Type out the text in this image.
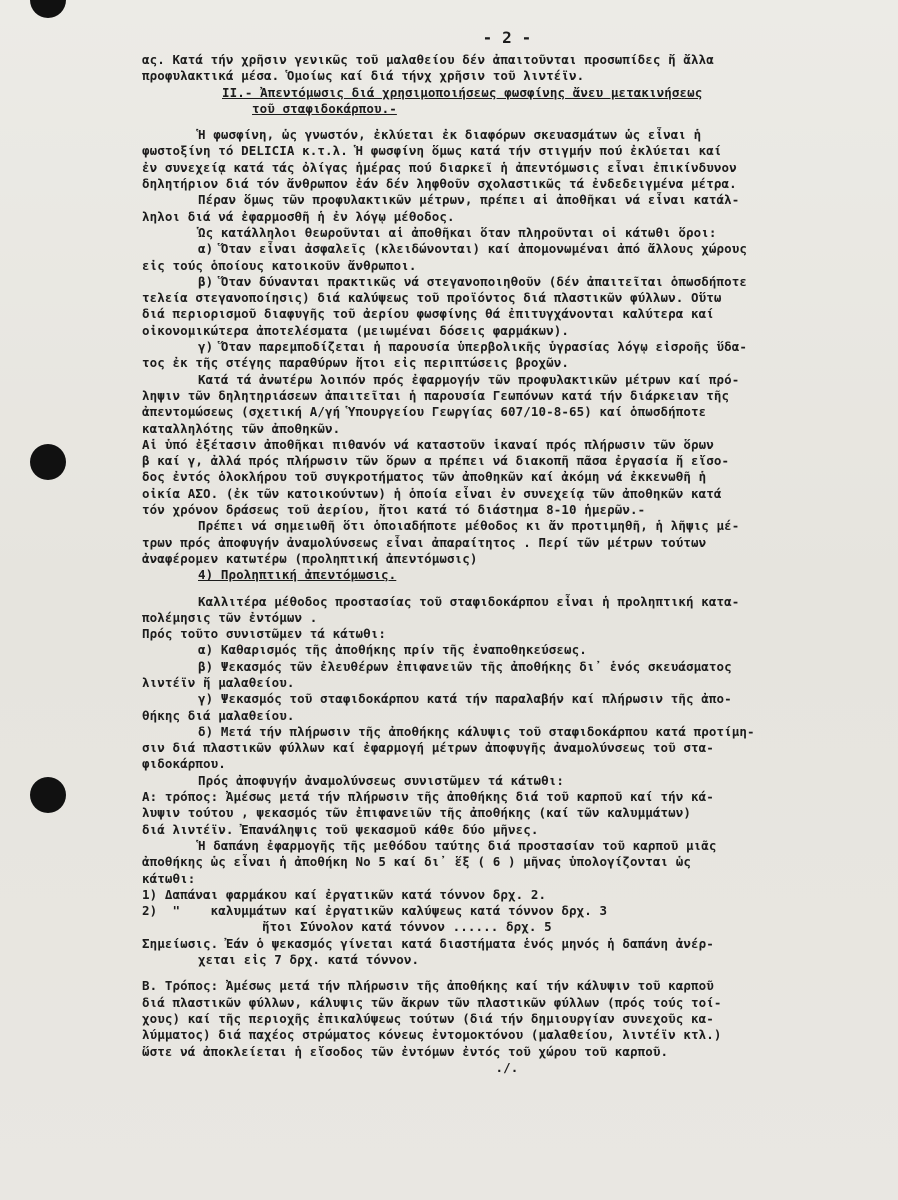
- 2 -
ας. Κατά τήν χρῆσιν γενικῶς τοῦ μαλαθείου δέν ἀπαιτοῦνται προσωπίδες ἤ ἄλλα
προφυλακτικά μέσα. Ὁμοίως καί διά τήνχ χρῆσιν τοῦ λιντέϊν.
ΙΙ.- Ἀπεντόμωσις διά χρησιμοποιήσεως φωσφίνης ἄνευ μετακινήσεως
τοῦ σταφιδοκάρπου.-
Ἡ φωσφίνη, ὡς γνωστόν, ἐκλύεται ἐκ διαφόρων σκευασμάτων ὡς εἶναι ἡ
φωστοξίνη τό DELICIA κ.τ.λ. Ἡ φωσφίνη ὅμως κατά τήν στιγμήν πού ἐκλύεται καί
ἐν συνεχείᾳ κατά τάς ὀλίγας ἡμέρας πού διαρκεῖ ἡ ἀπεντόμωσις εἶναι ἐπικίνδυνον
δηλητήριον διά τόν ἄνθρωπον ἐάν δέν ληφθοῦν σχολαστικῶς τά ἐνδεδειγμένα μέτρα.
Πέραν ὅμως τῶν προφυλακτικῶν μέτρων, πρέπει αἱ ἀποθῆκαι νά εἶναι κατάλ-
ληλοι διά νά ἐφαρμοσθῆ ἡ ἐν λόγῳ μέθοδος.
Ὡς κατάλληλοι θεωροῦνται αἱ ἀποθῆκαι ὅταν πληροῦνται οἱ κάτωθι ὅροι:
α) Ὅταν εἶναι ἀσφαλεῖς (κλειδώνονται) καί ἀπομονωμέναι ἀπό ἄλλους χώρους
εἰς τούς ὁποίους κατοικοῦν ἄνθρωποι.
β) Ὅταν δύνανται πρακτικῶς νά στεγανοποιηθοῦν (δέν ἀπαιτεῖται ὁπωσδήποτε
τελεία στεγανοποίησις) διά καλύψεως τοῦ προϊόντος διά πλαστικῶν φύλλων. Οὕτω
διά περιορισμοῦ διαφυγῆς τοῦ ἀερίου φωσφίνης θά ἐπιτυγχάνονται καλύτερα καί
οἰκονομικώτερα ἀποτελέσματα (μειωμέναι δόσεις φαρμάκων).
γ) Ὅταν παρεμποδίζεται ἡ παρουσία ὑπερβολικῆς ὑγρασίας λόγῳ εἰσροῆς ὕδα-
τος ἐκ τῆς στέγης παραθύρων ἤτοι εἰς περιπτώσεις βροχῶν.
Κατά τά ἀνωτέρω λοιπόν πρός ἐφαρμογήν τῶν προφυλακτικῶν μέτρων καί πρό-
ληψιν τῶν δηλητηριάσεων ἀπαιτεῖται ἡ παρουσία Γεωπόνων κατά τήν διάρκειαν τῆς
ἀπεντομώσεως (σχετική Α/γή Ὑπουργείου Γεωργίας 607/10-8-65) καί ὁπωσδήποτε
καταλληλότης τῶν ἀποθηκῶν.
Αἱ ὑπό ἐξέτασιν ἀποθῆκαι πιθανόν νά καταστοῦν ἱκαναί πρός πλήρωσιν τῶν ὅρων
β καί γ, ἀλλά πρός πλήρωσιν τῶν ὅρων α πρέπει νά διακοπῆ πᾶσα ἐργασία ἤ εἴσο-
δος ἐντός ὁλοκλήρου τοῦ συγκροτήματος τῶν ἀποθηκῶν καί ἀκόμη νά ἐκκενωθῆ ἡ
οἰκία ΑΣΟ. (ἐκ τῶν κατοικούντων) ἡ ὁποία εἶναι ἐν συνεχείᾳ τῶν ἀποθηκῶν κατά
τόν χρόνον δράσεως τοῦ ἀερίου, ἤτοι κατά τό διάστημα 8-10 ἡμερῶν.-
Πρέπει νά σημειωθῆ ὅτι ὁποιαδήποτε μέθοδος κι ἄν προτιμηθῆ, ἡ λῆψις μέ-
τρων πρός ἀποφυγήν ἀναμολύνσεως εἶναι ἀπαραίτητος . Περί τῶν μέτρων τούτων
ἀναφέρομεν κατωτέρω (προληπτική ἀπεντόμωσις)
4) Προληπτική ἀπεντόμωσις.
Καλλιτέρα μέθοδος προστασίας τοῦ σταφιδοκάρπου εἶναι ἡ προληπτική κατα-
πολέμησις τῶν ἐντόμων .
Πρός τοῦτο συνιστῶμεν τά κάτωθι:
α) Καθαρισμός τῆς ἀποθήκης πρίν τῆς ἐναποθηκεύσεως.
β) Ψεκασμός τῶν ἐλευθέρων ἐπιφανειῶν τῆς ἀποθήκης δι᾽ ἑνός σκευάσματος
λιντέϊν ἤ μαλαθείου.
γ) Ψεκασμός τοῦ σταφιδοκάρπου κατά τήν παραλαβήν καί πλήρωσιν τῆς ἀπο-
θήκης διά μαλαθείου.
δ) Μετά τήν πλήρωσιν τῆς ἀποθήκης κάλυψις τοῦ σταφιδοκάρπου κατά προτίμη-
σιν διά πλαστικῶν φύλλων καί ἐφαρμογή μέτρων ἀποφυγῆς ἀναμολύνσεως τοῦ στα-
φιδοκάρπου.
Πρός ἀποφυγήν ἀναμολύνσεως συνιστῶμεν τά κάτωθι:
Α: τρόπος: Ἀμέσως μετά τήν πλήρωσιν τῆς ἀποθήκης διά τοῦ καρποῦ καί τήν κά-
λυψιν τούτου , ψεκασμός τῶν ἐπιφανειῶν τῆς ἀποθήκης (καί τῶν καλυμμάτων)
διά λιντέϊν. Ἐπανάληψις τοῦ ψεκασμοῦ κάθε δύο μῆνες.
Ἡ δαπάνη ἐφαρμογῆς τῆς μεθόδου ταύτης διά προστασίαν τοῦ καρποῦ μιᾶς
ἀποθήκης ὡς εἶναι ἡ ἀποθήκη Νο 5 καί δι᾽ ἕξ ( 6 ) μῆνας ὑπολογίζονται ὡς
κάτωθι:
1) Δαπάναι φαρμάκου καί ἐργατικῶν κατά τόννον δρχ. 2.
2)  "    καλυμμάτων καί ἐργατικῶν καλύψεως κατά τόννον δρχ. 3
ἤτοι Σύνολον κατά τόννον ...... δρχ. 5
Σημείωσις. Ἐάν ὁ ψεκασμός γίνεται κατά διαστήματα ἑνός μηνός ἡ δαπάνη ἀνέρ-
χεται εἰς 7 δρχ. κατά τόννον.
Β. Τρόπος: Ἀμέσως μετά τήν πλήρωσιν τῆς ἀποθήκης καί τήν κάλυψιν τοῦ καρποῦ
διά πλαστικῶν φύλλων, κάλυψις τῶν ἄκρων τῶν πλαστικῶν φύλλων (πρός τούς τοί-
χους) καί τῆς περιοχῆς ἐπικαλύψεως τούτων (διά τήν δημιουργίαν συνεχοῦς κα-
λύμματος) διά παχέος στρώματος κόνεως ἐντομοκτόνου (μαλαθείου, λιντέϊν κτλ.)
ὥστε νά ἀποκλείεται ἡ εἴσοδος τῶν ἐντόμων ἐντός τοῦ χώρου τοῦ καρποῦ.
./.
